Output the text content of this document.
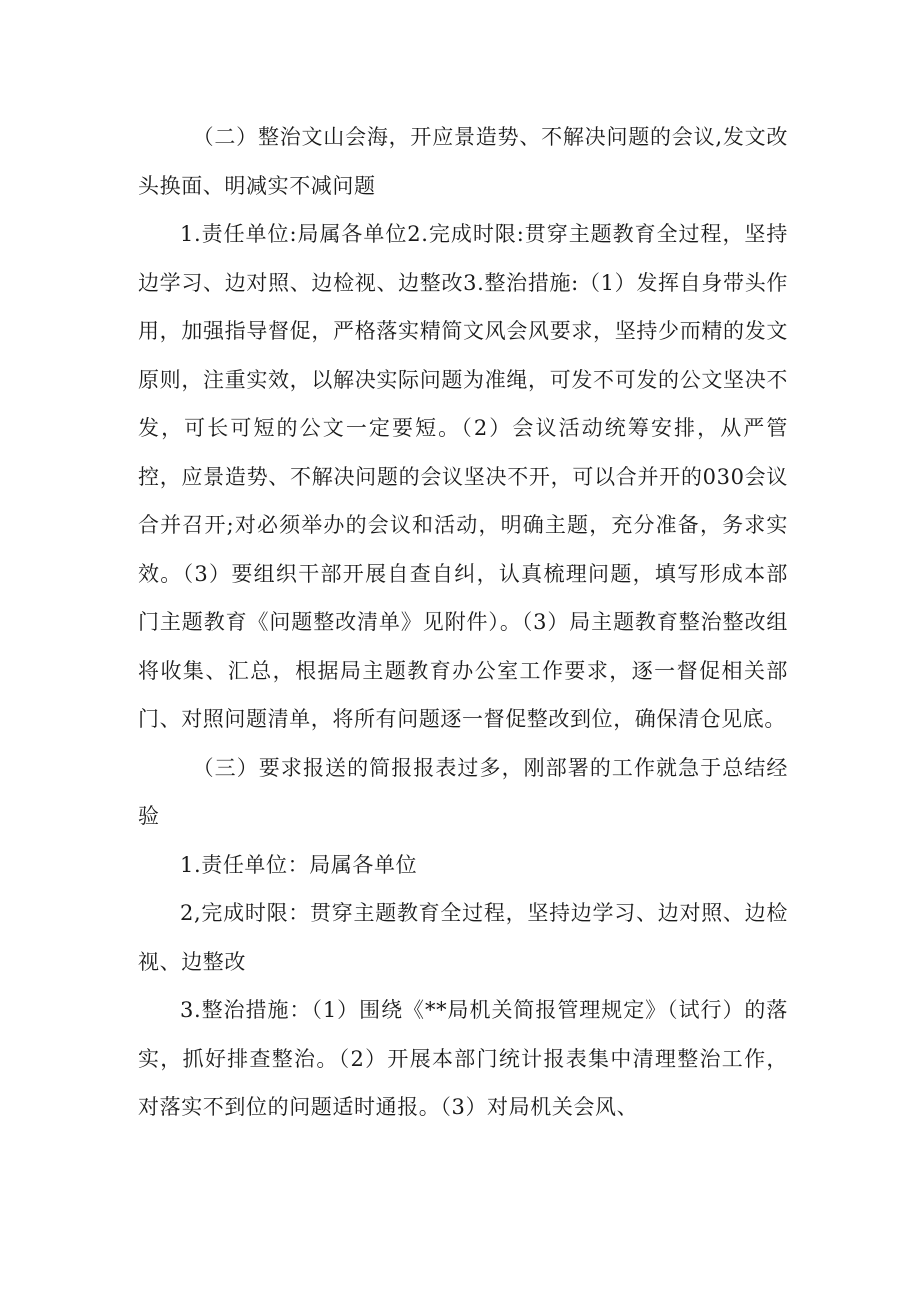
（二）整治文山会海，开应景造势、不解决问题的会议,发文改头换面、明减实不减问题

1.责任单位:局属各单位2.完成时限:贯穿主题教育全过程，坚持边学习、边对照、边检视、边整改3.整治措施:（1）发挥自身带头作用，加强指导督促，严格落实精简文风会风要求，坚持少而精的发文原则，注重实效，以解决实际问题为准绳，可发不可发的公文坚决不发，可长可短的公文一定要短。（2）会议活动统筹安排，从严管控，应景造势、不解决问题的会议坚决不开，可以合并开的030会议合并召开;对必须举办的会议和活动，明确主题，充分准备，务求实效。（3）要组织干部开展自查自纠，认真梳理问题，填写形成本部门主题教育《问题整改清单》见附件）。（3）局主题教育整治整改组将收集、汇总，根据局主题教育办公室工作要求，逐一督促相关部门、对照问题清单，将所有问题逐一督促整改到位，确保清仓见底。

（三）要求报送的简报报表过多，刚部署的工作就急于总结经验

1.责任单位：局属各单位

2,完成时限：贯穿主题教育全过程，坚持边学习、边对照、边检视、边整改

3.整治措施：（1）围绕《**局机关简报管理规定》（试行）的落实，抓好排查整治。（2）开展本部门统计报表集中清理整治工作，对落实不到位的问题适时通报。（3）对局机关会风、
